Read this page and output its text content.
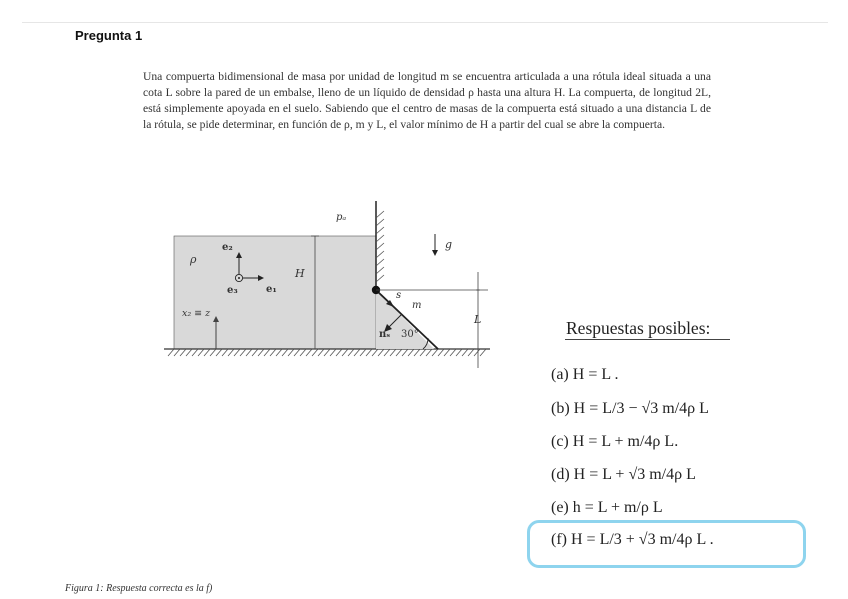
Pregunta 1
Una compuerta bidimensional de masa por unidad de longitud m se encuentra articulada a una rótula ideal situada a una cota L sobre la pared de un embalse, lleno de un líquido de densidad ρ hasta una altura H. La compuerta, de longitud 2L, está simplemente apoyada en el suelo. Sabiendo que el centro de masas de la compuerta está situado a una distancia L de la rótula, se pide determinar, en función de ρ, m y L, el valor mínimo de H a partir del cual se abre la compuerta.
pₐ
ρ
e₂
e₃	e₁
H
x₂ ≡ z
g
s
m
L
nₛ 30°	Respuestas posibles:
(a) H = L .
(b) H = L/3 − √3 m/4ρ L
(c) H = L + m/4ρ L.
(d) H = L + √3 m/4ρ L
(e) h = L + m/ρ L
(f) H = L/3 + √3 m/4ρ L .
Figura 1: Respuesta correcta es la f)
